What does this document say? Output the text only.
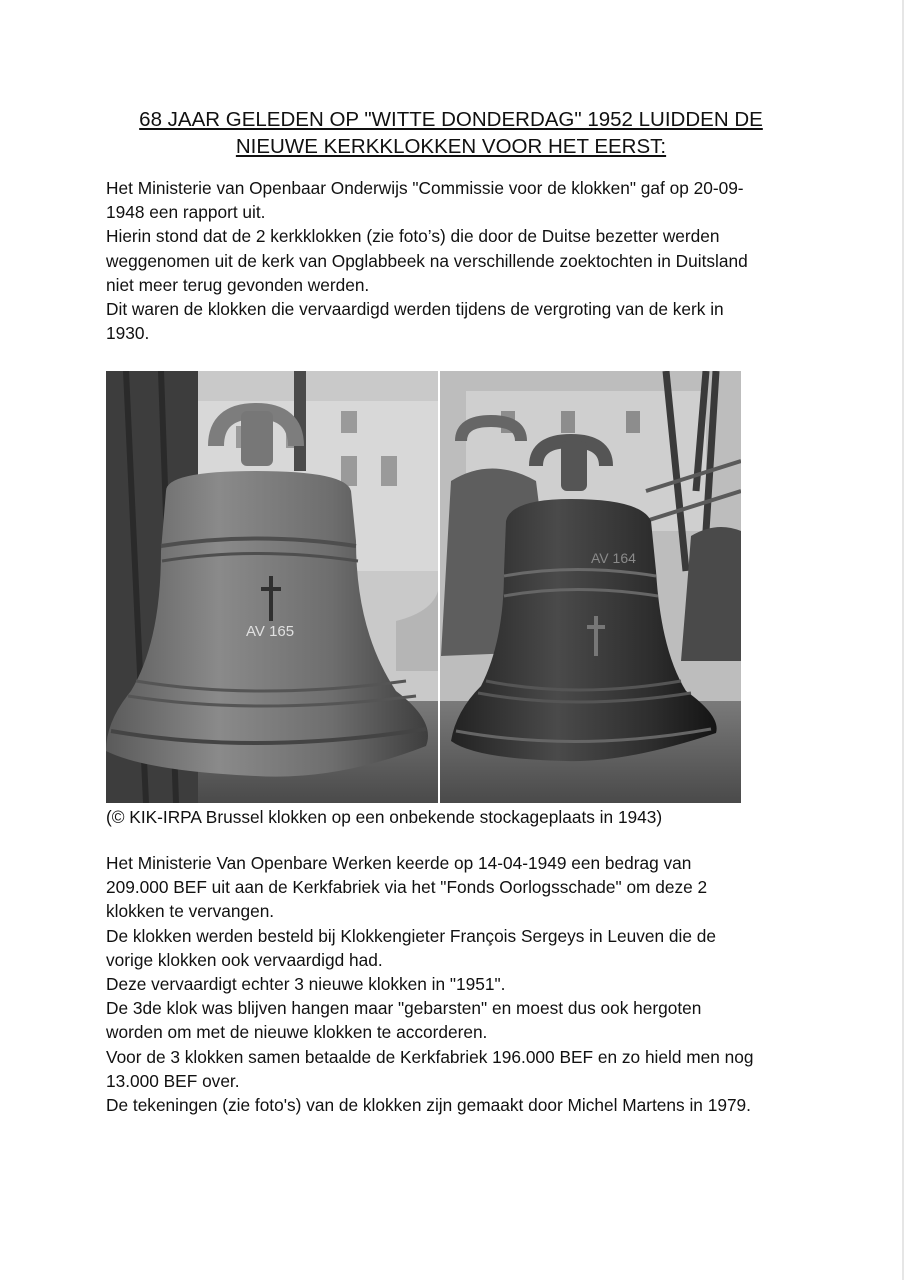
68 JAAR GELEDEN OP "WITTE DONDERDAG" 1952 LUIDDEN DE
NIEUWE KERKKLOKKEN VOOR HET EERST:

Het Ministerie van Openbaar Onderwijs "Commissie voor de klokken" gaf op 20-09-

1948 een rapport uit.

Hierin stond dat de 2 kerkklokken (zie foto’s) die door de Duitse bezetter werden

weggenomen uit de kerk van Opglabbeek na verschillende zoektochten in Duitsland

niet meer terug gevonden werden.

Dit waren de klokken die vervaardigd werden tijdens de vergroting van de kerk in

1930.

AV 165
AV 164
(© KIK-IRPA Brussel klokken op een onbekende stockageplaats in 1943)

Het Ministerie Van Openbare Werken keerde op 14-04-1949 een bedrag van

209.000 BEF uit aan de Kerkfabriek via het "Fonds Oorlogsschade" om deze 2

klokken te vervangen.

De klokken werden besteld bij Klokkengieter François Sergeys in Leuven die de

vorige klokken ook vervaardigd had.

Deze vervaardigt echter 3 nieuwe klokken in "1951".

De 3de klok was blijven hangen maar "gebarsten" en moest dus ook hergoten

worden om met de nieuwe klokken te accorderen.

Voor de 3 klokken samen betaalde de Kerkfabriek 196.000 BEF en zo hield men nog

13.000 BEF over.

De tekeningen (zie foto's) van de klokken zijn gemaakt door Michel Martens in 1979.
